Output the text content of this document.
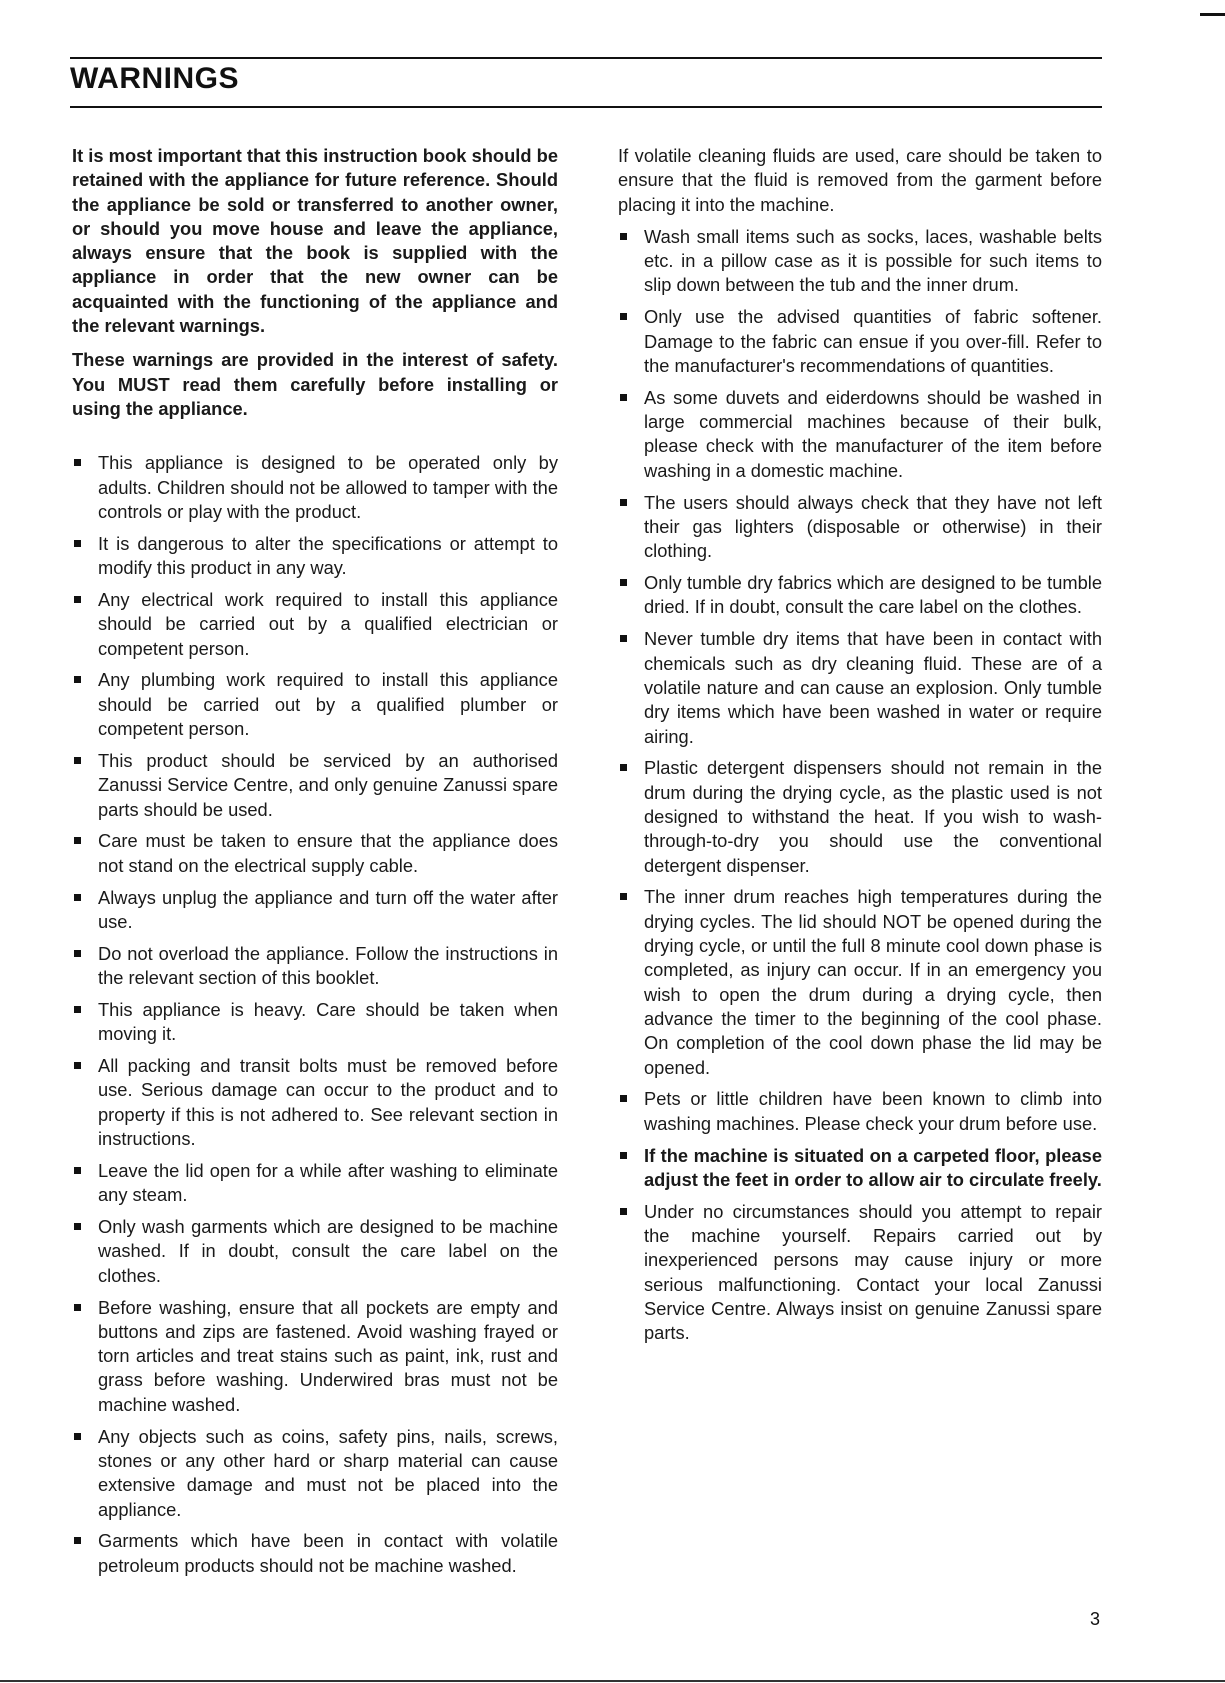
WARNINGS

It is most important that this instruction book should be retained with the appliance for future reference. Should the appliance be sold or transferred to another owner, or should you move house and leave the appliance, always ensure that the book is supplied with the appliance in order that the new owner can be acquainted with the functioning of the appliance and the relevant warnings.

These warnings are provided in the interest of safety. You MUST read them carefully before installing or using the appliance.

This appliance is designed to be operated only by adults. Children should not be allowed to tamper with the controls or play with the product.
It is dangerous to alter the specifications or attempt to modify this product in any way.
Any electrical work required to install this appliance should be carried out by a qualified electrician or competent person.
Any plumbing work required to install this appliance should be carried out by a qualified plumber or competent person.
This product should be serviced by an authorised Zanussi Service Centre, and only genuine Zanussi spare parts should be used.
Care must be taken to ensure that the appliance does not stand on the electrical supply cable.
Always unplug the appliance and turn off the water after use.
Do not overload the appliance. Follow the instructions in the relevant section of this booklet.
This appliance is heavy. Care should be taken when moving it.
All packing and transit bolts must be removed before use. Serious damage can occur to the product and to property if this is not adhered to. See relevant section in instructions.
Leave the lid open for a while after washing to eliminate any steam.
Only wash garments which are designed to be machine washed. If in doubt, consult the care label on the clothes.
Before washing, ensure that all pockets are empty and buttons and zips are fastened. Avoid washing frayed or torn articles and treat stains such as paint, ink, rust and grass before washing. Underwired bras must not be machine washed.
Any objects such as coins, safety pins, nails, screws, stones or any other hard or sharp material can cause extensive damage and must not be placed into the appliance.
Garments which have been in contact with volatile petroleum products should not be machine washed.

If volatile cleaning fluids are used, care should be taken to ensure that the fluid is removed from the garment before placing it into the machine.

Wash small items such as socks, laces, washable belts etc. in a pillow case as it is possible for such items to slip down between the tub and the inner drum.
Only use the advised quantities of fabric softener. Damage to the fabric can ensue if you over-fill. Refer to the manufacturer's recommendations of quantities.
As some duvets and eiderdowns should be washed in large commercial machines because of their bulk, please check with the manufacturer of the item before washing in a domestic machine.
The users should always check that they have not left their gas lighters (disposable or otherwise) in their clothing.
Only tumble dry fabrics which are designed to be tumble dried. If in doubt, consult the care label on the clothes.
Never tumble dry items that have been in contact with chemicals such as dry cleaning fluid. These are of a volatile nature and can cause an explosion. Only tumble dry items which have been washed in water or require airing.
Plastic detergent dispensers should not remain in the drum during the drying cycle, as the plastic used is not designed to withstand the heat. If you wish to wash-through-to-dry you should use the conventional detergent dispenser.
The inner drum reaches high temperatures during the drying cycles. The lid should NOT be opened during the drying cycle, or until the full 8 minute cool down phase is completed, as injury can occur. If in an emergency you wish to open the drum during a drying cycle, then advance the timer to the beginning of the cool phase. On completion of the cool down phase the lid may be opened.
Pets or little children have been known to climb into washing machines. Please check your drum before use.
If the machine is situated on a carpeted floor, please adjust the feet in order to allow air to circulate freely.
Under no circumstances should you attempt to repair the machine yourself. Repairs carried out by inexperienced persons may cause injury or more serious malfunctioning. Contact your local Zanussi Service Centre. Always insist on genuine Zanussi spare parts.
3
